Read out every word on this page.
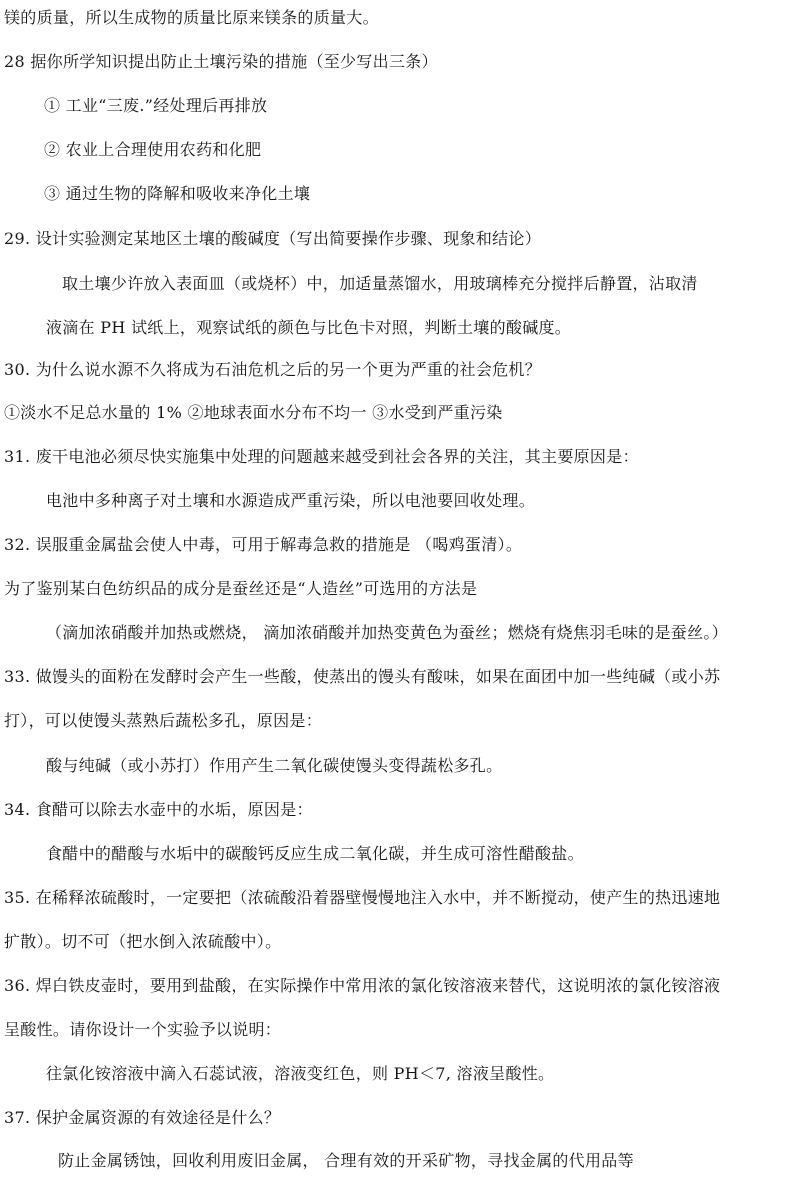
镁的质量，所以生成物的质量比原来镁条的质量大。
28 据你所学知识提出防止土壤污染的措施（至少写出三条）
① 工业“三废.”经处理后再排放
② 农业上合理使用农药和化肥
③ 通过生物的降解和吸收来净化土壤
29. 设计实验测定某地区土壤的酸碱度（写出简要操作步骤、现象和结论）
取土壤少许放入表面皿（或烧杯）中，加适量蒸馏水，用玻璃棒充分搅拌后静置，沾取清
液滴在 PH 试纸上，观察试纸的颜色与比色卡对照，判断土壤的酸碱度。
30. 为什么说水源不久将成为石油危机之后的另一个更为严重的社会危机？
①淡水不足总水量的 1% ②地球表面水分布不均一 ③水受到严重污染
31. 废干电池必须尽快实施集中处理的问题越来越受到社会各界的关注，其主要原因是：
电池中多种离子对土壤和水源造成严重污染，所以电池要回收处理。
32. 误服重金属盐会使人中毒，可用于解毒急救的措施是 （喝鸡蛋清）。
为了鉴别某白色纺织品的成分是蚕丝还是“人造丝”可选用的方法是
（滴加浓硝酸并加热或燃烧， 滴加浓硝酸并加热变黄色为蚕丝；燃烧有烧焦羽毛味的是蚕丝。）
33. 做馒头的面粉在发酵时会产生一些酸，使蒸出的馒头有酸味，如果在面团中加一些纯碱（或小苏
打），可以使馒头蒸熟后蔬松多孔，原因是：
酸与纯碱（或小苏打）作用产生二氧化碳使馒头变得蔬松多孔。
34. 食醋可以除去水壶中的水垢，原因是：
食醋中的醋酸与水垢中的碳酸钙反应生成二氧化碳，并生成可溶性醋酸盐。
35. 在稀释浓硫酸时，一定要把（浓硫酸沿着器壁慢慢地注入水中，并不断搅动，使产生的热迅速地
扩散）。切不可（把水倒入浓硫酸中）。
36. 焊白铁皮壶时，要用到盐酸，在实际操作中常用浓的氯化铵溶液来替代，这说明浓的氯化铵溶液
呈酸性。请你设计一个实验予以说明：
往氯化铵溶液中滴入石蕊试液，溶液变红色，则 PH＜7, 溶液呈酸性。
37. 保护金属资源的有效途径是什么？
防止金属锈蚀，回收利用废旧金属， 合理有效的开采矿物，寻找金属的代用品等
